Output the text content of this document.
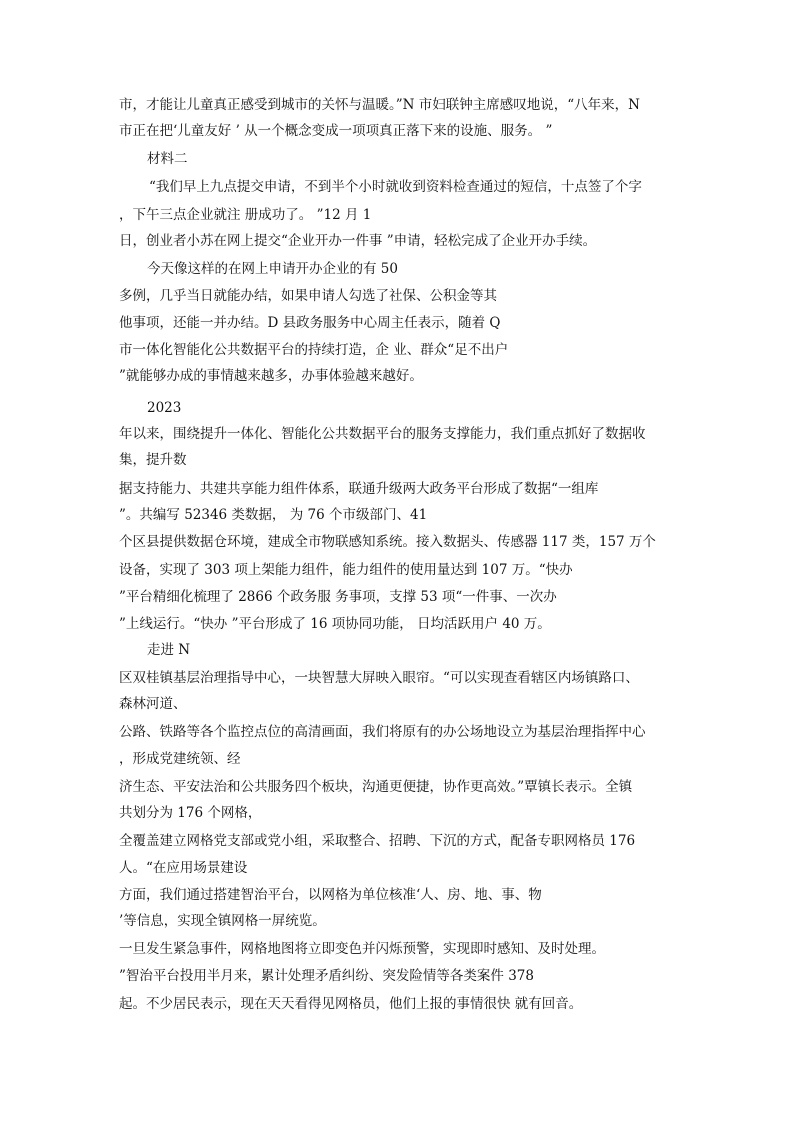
市，才能让儿童真正感受到城市的关怀与温暖。”N 市妇联钟主席感叹地说，“八年来，N
市正在把‘儿童友好 ’ 从一个概念变成一项项真正落下来的设施、服务。 ”
材料二
“我们早上九点提交申请，不到半个小时就收到资料检查通过的短信，十点签了个字
，下午三点企业就注 册成功了。 ”12 月 1
日，创业者小苏在网上提交“企业开办一件事 ”申请，轻松完成了企业开办手续。
今天像这样的在网上申请开办企业的有 50
多例，几乎当日就能办结，如果申请人勾选了社保、公积金等其
他事项，还能一并办结。D 县政务服务中心周主任表示，随着 Q
市一体化智能化公共数据平台的持续打造，企 业、群众“足不出户
”就能够办成的事情越来越多，办事体验越来越好。
2023
年以来，围绕提升一体化、智能化公共数据平台的服务支撑能力，我们重点抓好了数据收
集，提升数
据支持能力、共建共享能力组件体系，联通升级两大政务平台形成了数据“一组库
”。共编写 52346 类数据， 为 76 个市级部门、41
个区县提供数据仓环境，建成全市物联感知系统。接入数据头、传感器 117 类，157 万个
设备，实现了 303 项上架能力组件，能力组件的使用量达到 107 万。“快办
”平台精细化梳理了 2866 个政务服 务事项，支撑 53 项“一件事、一次办
”上线运行。“快办 ”平台形成了 16 项协同功能， 日均活跃用户 40 万。
走进 N
区双桂镇基层治理指导中心，一块智慧大屏映入眼帘。“可以实现查看辖区内场镇路口、
森林河道、
公路、铁路等各个监控点位的高清画面，我们将原有的办公场地设立为基层治理指挥中心
，形成党建统领、经
济生态、平安法治和公共服务四个板块，沟通更便捷，协作更高效。”覃镇长表示。全镇
共划分为 176 个网格，
全覆盖建立网格党支部或党小组，采取整合、招聘、下沉的方式，配备专职网格员 176
人。“在应用场景建设
方面，我们通过搭建智治平台，以网格为单位核准‘人、房、地、事、物
’等信息，实现全镇网格一屏统览。
一旦发生紧急事件，网格地图将立即变色并闪烁预警，实现即时感知、及时处理。
”智治平台投用半月来，累计处理矛盾纠纷、突发险情等各类案件 378
起。不少居民表示，现在天天看得见网格员，他们上报的事情很快 就有回音。
